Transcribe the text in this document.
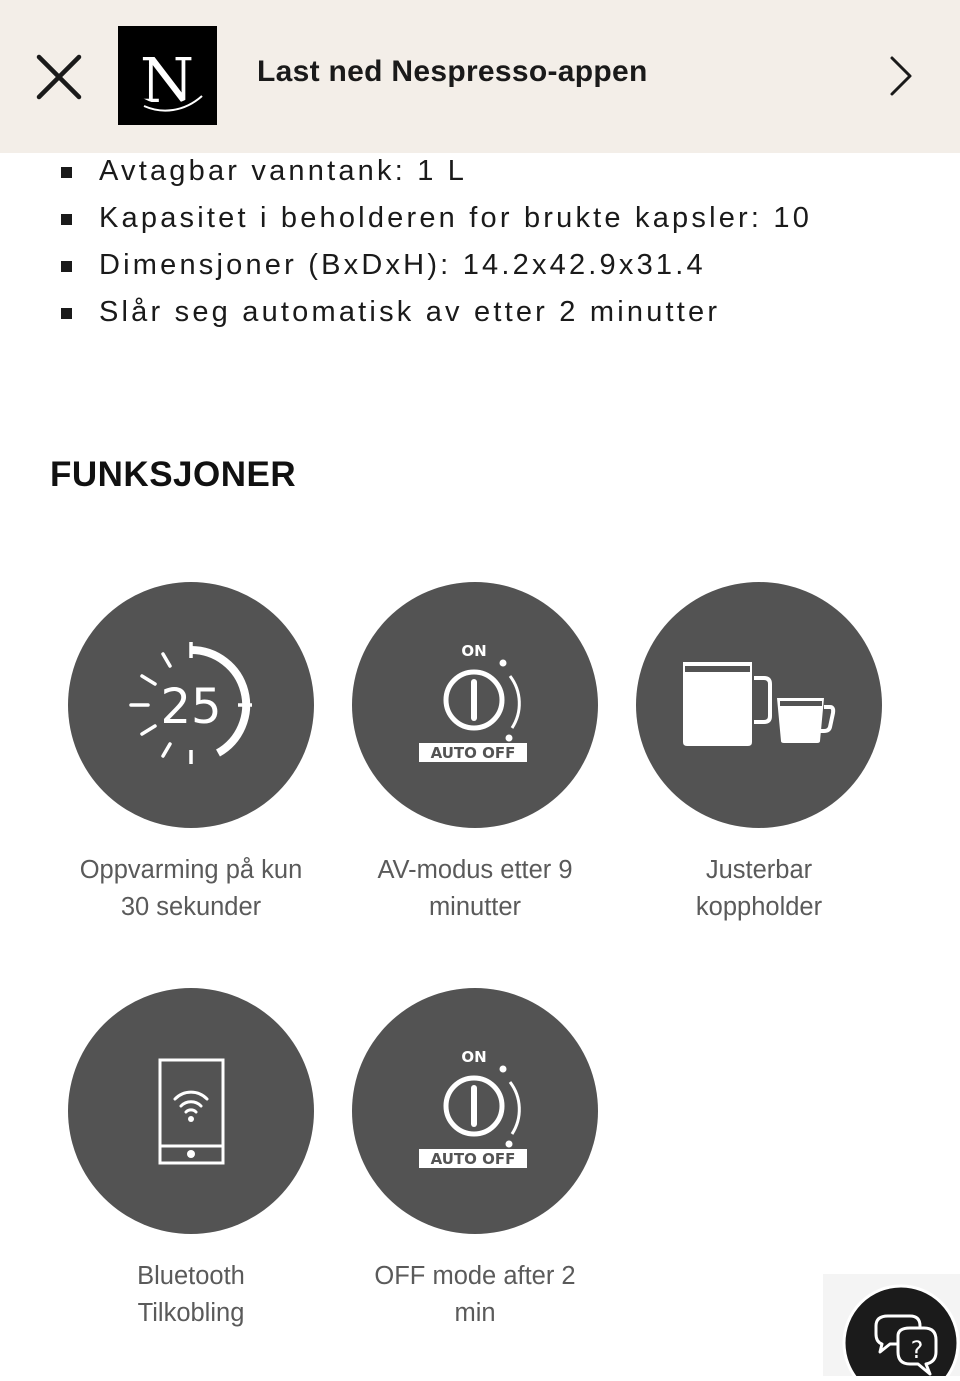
N Last ned Nespresso-appen
Avtagbar vanntank: 1 L
Kapasitet i beholderen for brukte kapsler: 10
Dimensjoner (BxDxH): 14.2x42.9x31.4
Slår seg automatisk av etter 2 minutter
FUNKSJONER
25
Oppvarming på kun
30 sekunder
ON
AUTO OFF
AV-modus etter 9
minutter
Justerbar
koppholder
Bluetooth
Tilkobling
ON
AUTO OFF
OFF mode after 2
min
?
